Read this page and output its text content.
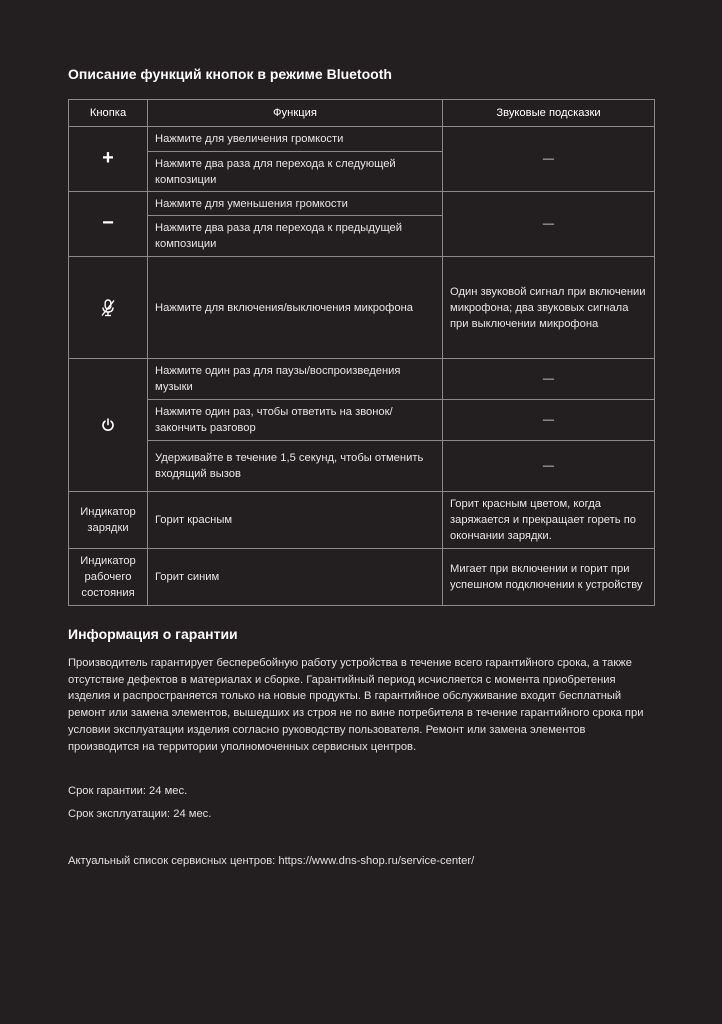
Описание функций кнопок в режиме Bluetooth
Кнопка	Функция	Звуковые подсказки
+	Нажмите для увеличения громкости	—
	Нажмите два раза для перехода к следующей композиции	
−	Нажмите для уменьшения громкости	—
	Нажмите два раза для перехода к предыдущей композиции	
	Нажмите для включения/выключения микрофона	Один звуковой сигнал при включении микрофона; два звуковых сигнала при выключении микрофона
	Нажмите один раз для паузы/воспроизведения музыки	—
	Нажмите один раз, чтобы ответить на звонок/ закончить разговор	—
	Удерживайте в течение 1,5 секунд, чтобы отменить входящий вызов	—
Индикатор зарядки	Горит красным	Горит красным цветом, когда заряжается и прекращает гореть по окончании зарядки.
Индикатор рабочего состояния	Горит синим	Мигает при включении и горит при успешном подключении к устройству
Информация о гарантии

Производитель гарантирует бесперебойную работу устройства в течение всего гарантийного срока, а также отсутствие дефектов в материалах и сборке. Гарантийный период исчисляется с момента приобретения изделия и распространяется только на новые продукты. В гарантийное обслуживание входит бесплатный ремонт или замена элементов, вышедших из строя не по вине потребителя в течение гарантийного срока при условии эксплуатации изделия согласно руководству пользователя. Ремонт или замена элементов производится на территории уполномоченных сервисных центров.

Срок гарантии: 24 мес.
Срок эксплуатации: 24 мес.
Актуальный список сервисных центров: https://www.dns-shop.ru/service-center/
